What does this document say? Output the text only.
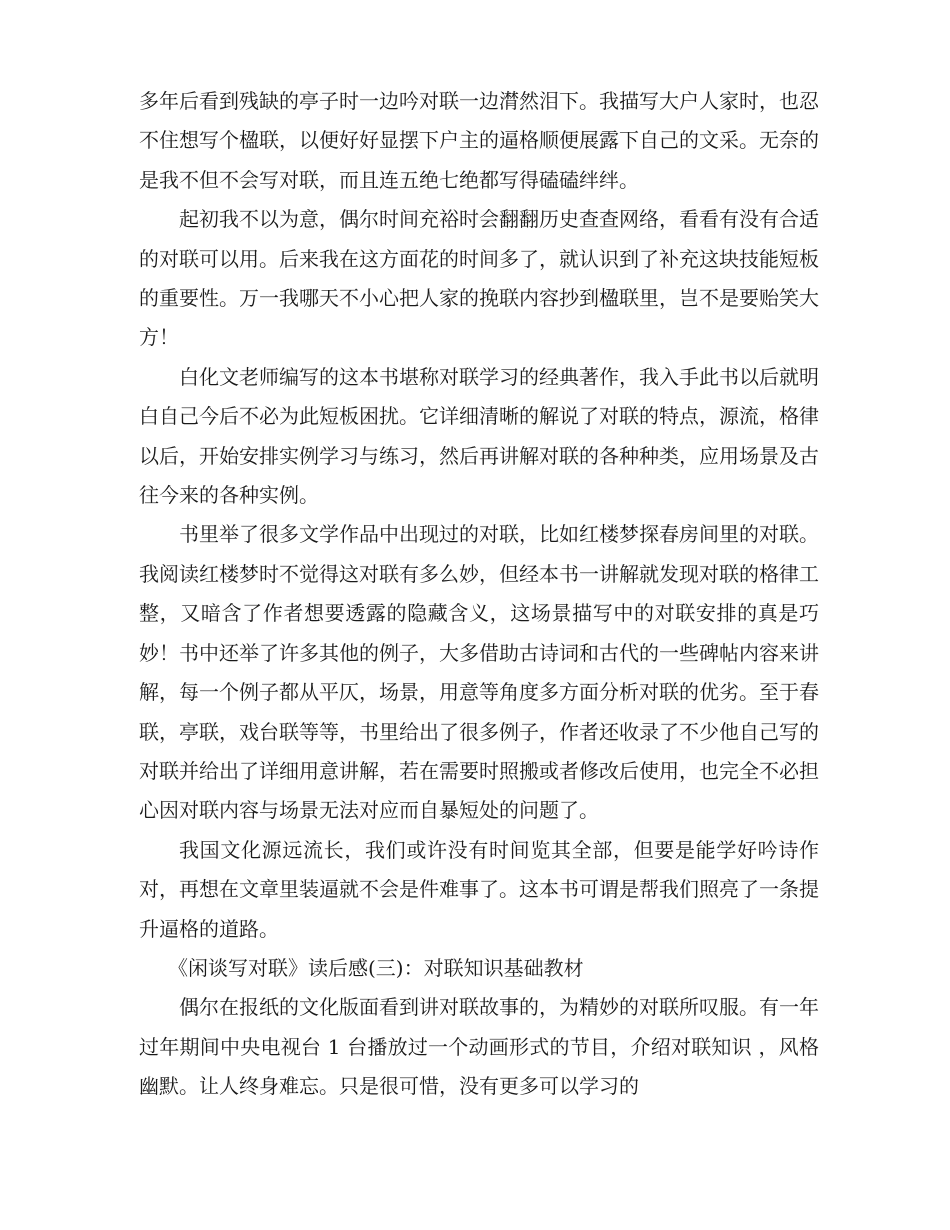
多年后看到残缺的亭子时一边吟对联一边潸然泪下。我描写大户人家时，也忍不住想写个楹联，以便好好显摆下户主的逼格顺便展露下自己的文采。无奈的是我不但不会写对联，而且连五绝七绝都写得磕磕绊绊。

起初我不以为意，偶尔时间充裕时会翻翻历史查查网络，看看有没有合适的对联可以用。后来我在这方面花的时间多了，就认识到了补充这块技能短板的重要性。万一我哪天不小心把人家的挽联内容抄到楹联里，岂不是要贻笑大方！

白化文老师编写的这本书堪称对联学习的经典著作，我入手此书以后就明白自己今后不必为此短板困扰。它详细清晰的解说了对联的特点，源流，格律以后，开始安排实例学习与练习，然后再讲解对联的各种种类，应用场景及古往今来的各种实例。

书里举了很多文学作品中出现过的对联，比如红楼梦探春房间里的对联。我阅读红楼梦时不觉得这对联有多么妙，但经本书一讲解就发现对联的格律工整，又暗含了作者想要透露的隐藏含义，这场景描写中的对联安排的真是巧妙！书中还举了许多其他的例子，大多借助古诗词和古代的一些碑帖内容来讲解，每一个例子都从平仄，场景，用意等角度多方面分析对联的优劣。至于春联，亭联，戏台联等等，书里给出了很多例子，作者还收录了不少他自己写的对联并给出了详细用意讲解，若在需要时照搬或者修改后使用，也完全不必担心因对联内容与场景无法对应而自暴短处的问题了。

我国文化源远流长，我们或许没有时间览其全部，但要是能学好吟诗作对，再想在文章里装逼就不会是件难事了。这本书可谓是帮我们照亮了一条提升逼格的道路。

《闲谈写对联》读后感(三)：对联知识基础教材

偶尔在报纸的文化版面看到讲对联故事的，为精妙的对联所叹服。有一年过年期间中央电视台 1 台播放过一个动画形式的节目，介绍对联知识 ，风格幽默。让人终身难忘。只是很可惜，没有更多可以学习的
